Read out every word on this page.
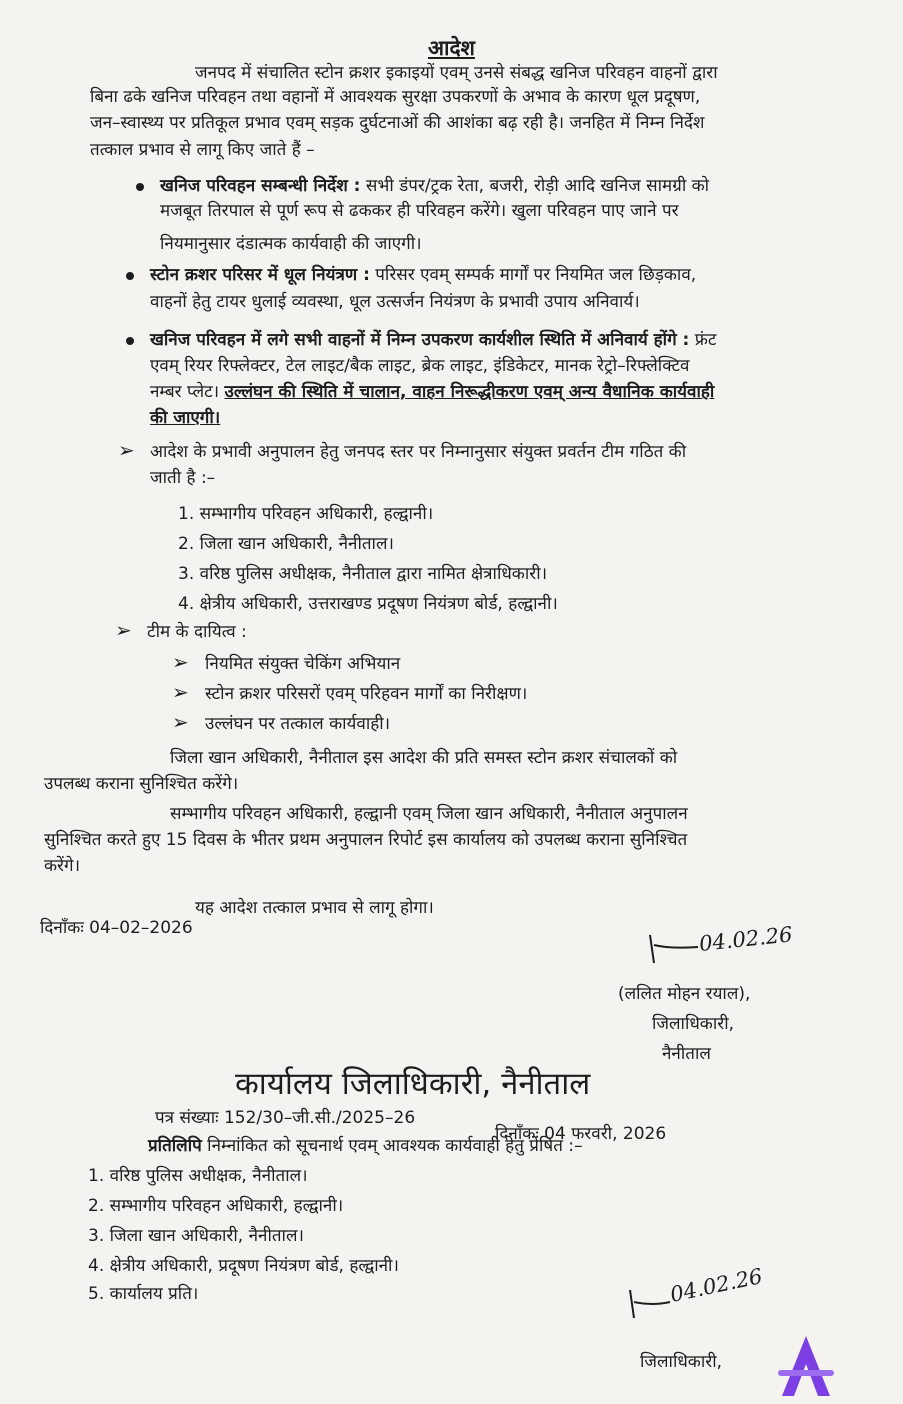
आदेश
जनपद में संचालित स्टोन क्रशर इकाइयों एवम् उनसे संबद्ध खनिज परिवहन वाहनों द्वारा
बिना ढके खनिज परिवहन तथा वहानों में आवश्यक सुरक्षा उपकरणों के अभाव के कारण धूल प्रदूषण,
जन–स्वास्थ्य पर प्रतिकूल प्रभाव एवम् सड़क दुर्घटनाओं की आशंका बढ़ रही है। जनहित में निम्न निर्देश
तत्काल प्रभाव से लागू किए जाते हैं –
खनिज परिवहन सम्बन्धी निर्देश : सभी डंपर/ट्रक रेता, बजरी, रोड़ी आदि खनिज सामग्री को
मजबूत तिरपाल से पूर्ण रूप से ढककर ही परिवहन करेंगे। खुला परिवहन पाए जाने पर
नियमानुसार दंडात्मक कार्यवाही की जाएगी।
स्टोन क्रशर परिसर में धूल नियंत्रण : परिसर एवम् सम्पर्क मार्गों पर नियमित जल छिड़काव,
वाहनों हेतु टायर धुलाई व्यवस्था, धूल उत्सर्जन नियंत्रण के प्रभावी उपाय अनिवार्य।
खनिज परिवहन में लगे सभी वाहनों में निम्न उपकरण कार्यशील स्थिति में अनिवार्य होंगे : फ्रंट
एवम् रियर रिफ्लेक्टर, टेल लाइट/बैक लाइट, ब्रेक लाइट, इंडिकेटर, मानक रेट्रो–रिफ्लेक्टिव
नम्बर प्लेट। उल्लंघन की स्थिति में चालान, वाहन निरूद्धीकरण एवम् अन्य वैधानिक कार्यवाही
की जाएगी।
➢ आदेश के प्रभावी अनुपालन हेतु जनपद स्तर पर निम्नानुसार संयुक्त प्रवर्तन टीम गठित की
जाती है :–
1. सम्भागीय परिवहन अधिकारी, हल्द्वानी।
2. जिला खान अधिकारी, नैनीताल।
3. वरिष्ठ पुलिस अधीक्षक, नैनीताल द्वारा नामित क्षेत्राधिकारी।
4. क्षेत्रीय अधिकारी, उत्तराखण्ड प्रदूषण नियंत्रण बोर्ड, हल्द्वानी।
➢ टीम के दायित्व :
➢ नियमित संयुक्त चेकिंग अभियान
➢ स्टोन क्रशर परिसरों एवम् परिहवन मार्गों का निरीक्षण।
➢ उल्लंघन पर तत्काल कार्यवाही।
जिला खान अधिकारी, नैनीताल इस आदेश की प्रति समस्त स्टोन क्रशर संचालकों को
उपलब्ध कराना सुनिश्चित करेंगे।
सम्भागीय परिवहन अधिकारी, हल्द्वानी एवम् जिला खान अधिकारी, नैनीताल अनुपालन
सुनिश्चित करते हुए 15 दिवस के भीतर प्रथम अनुपालन रिपोर्ट इस कार्यालय को उपलब्ध कराना सुनिश्चित
करेंगे।
यह आदेश तत्काल प्रभाव से लागू होगा।
दिनाँकः 04–02–2026	04.02.26
(ललित मोहन रयाल),
जिलाधिकारी,
नैनीताल
कार्यालय जिलाधिकारी, नैनीताल
पत्र संख्याः 152/30–जी.सी./2025–26
दिनाँकः 04 फरवरी, 2026
प्रतिलिपि निम्नांकित को सूचनार्थ एवम् आवश्यक कार्यवाही हेतु प्रेषित :–
1. वरिष्ठ पुलिस अधीक्षक, नैनीताल।
2. सम्भागीय परिवहन अधिकारी, हल्द्वानी।
3. जिला खान अधिकारी, नैनीताल।
4. क्षेत्रीय अधिकारी, प्रदूषण नियंत्रण बोर्ड, हल्द्वानी।
5. कार्यालय प्रति।	04.02.26
जिलाधिकारी,
